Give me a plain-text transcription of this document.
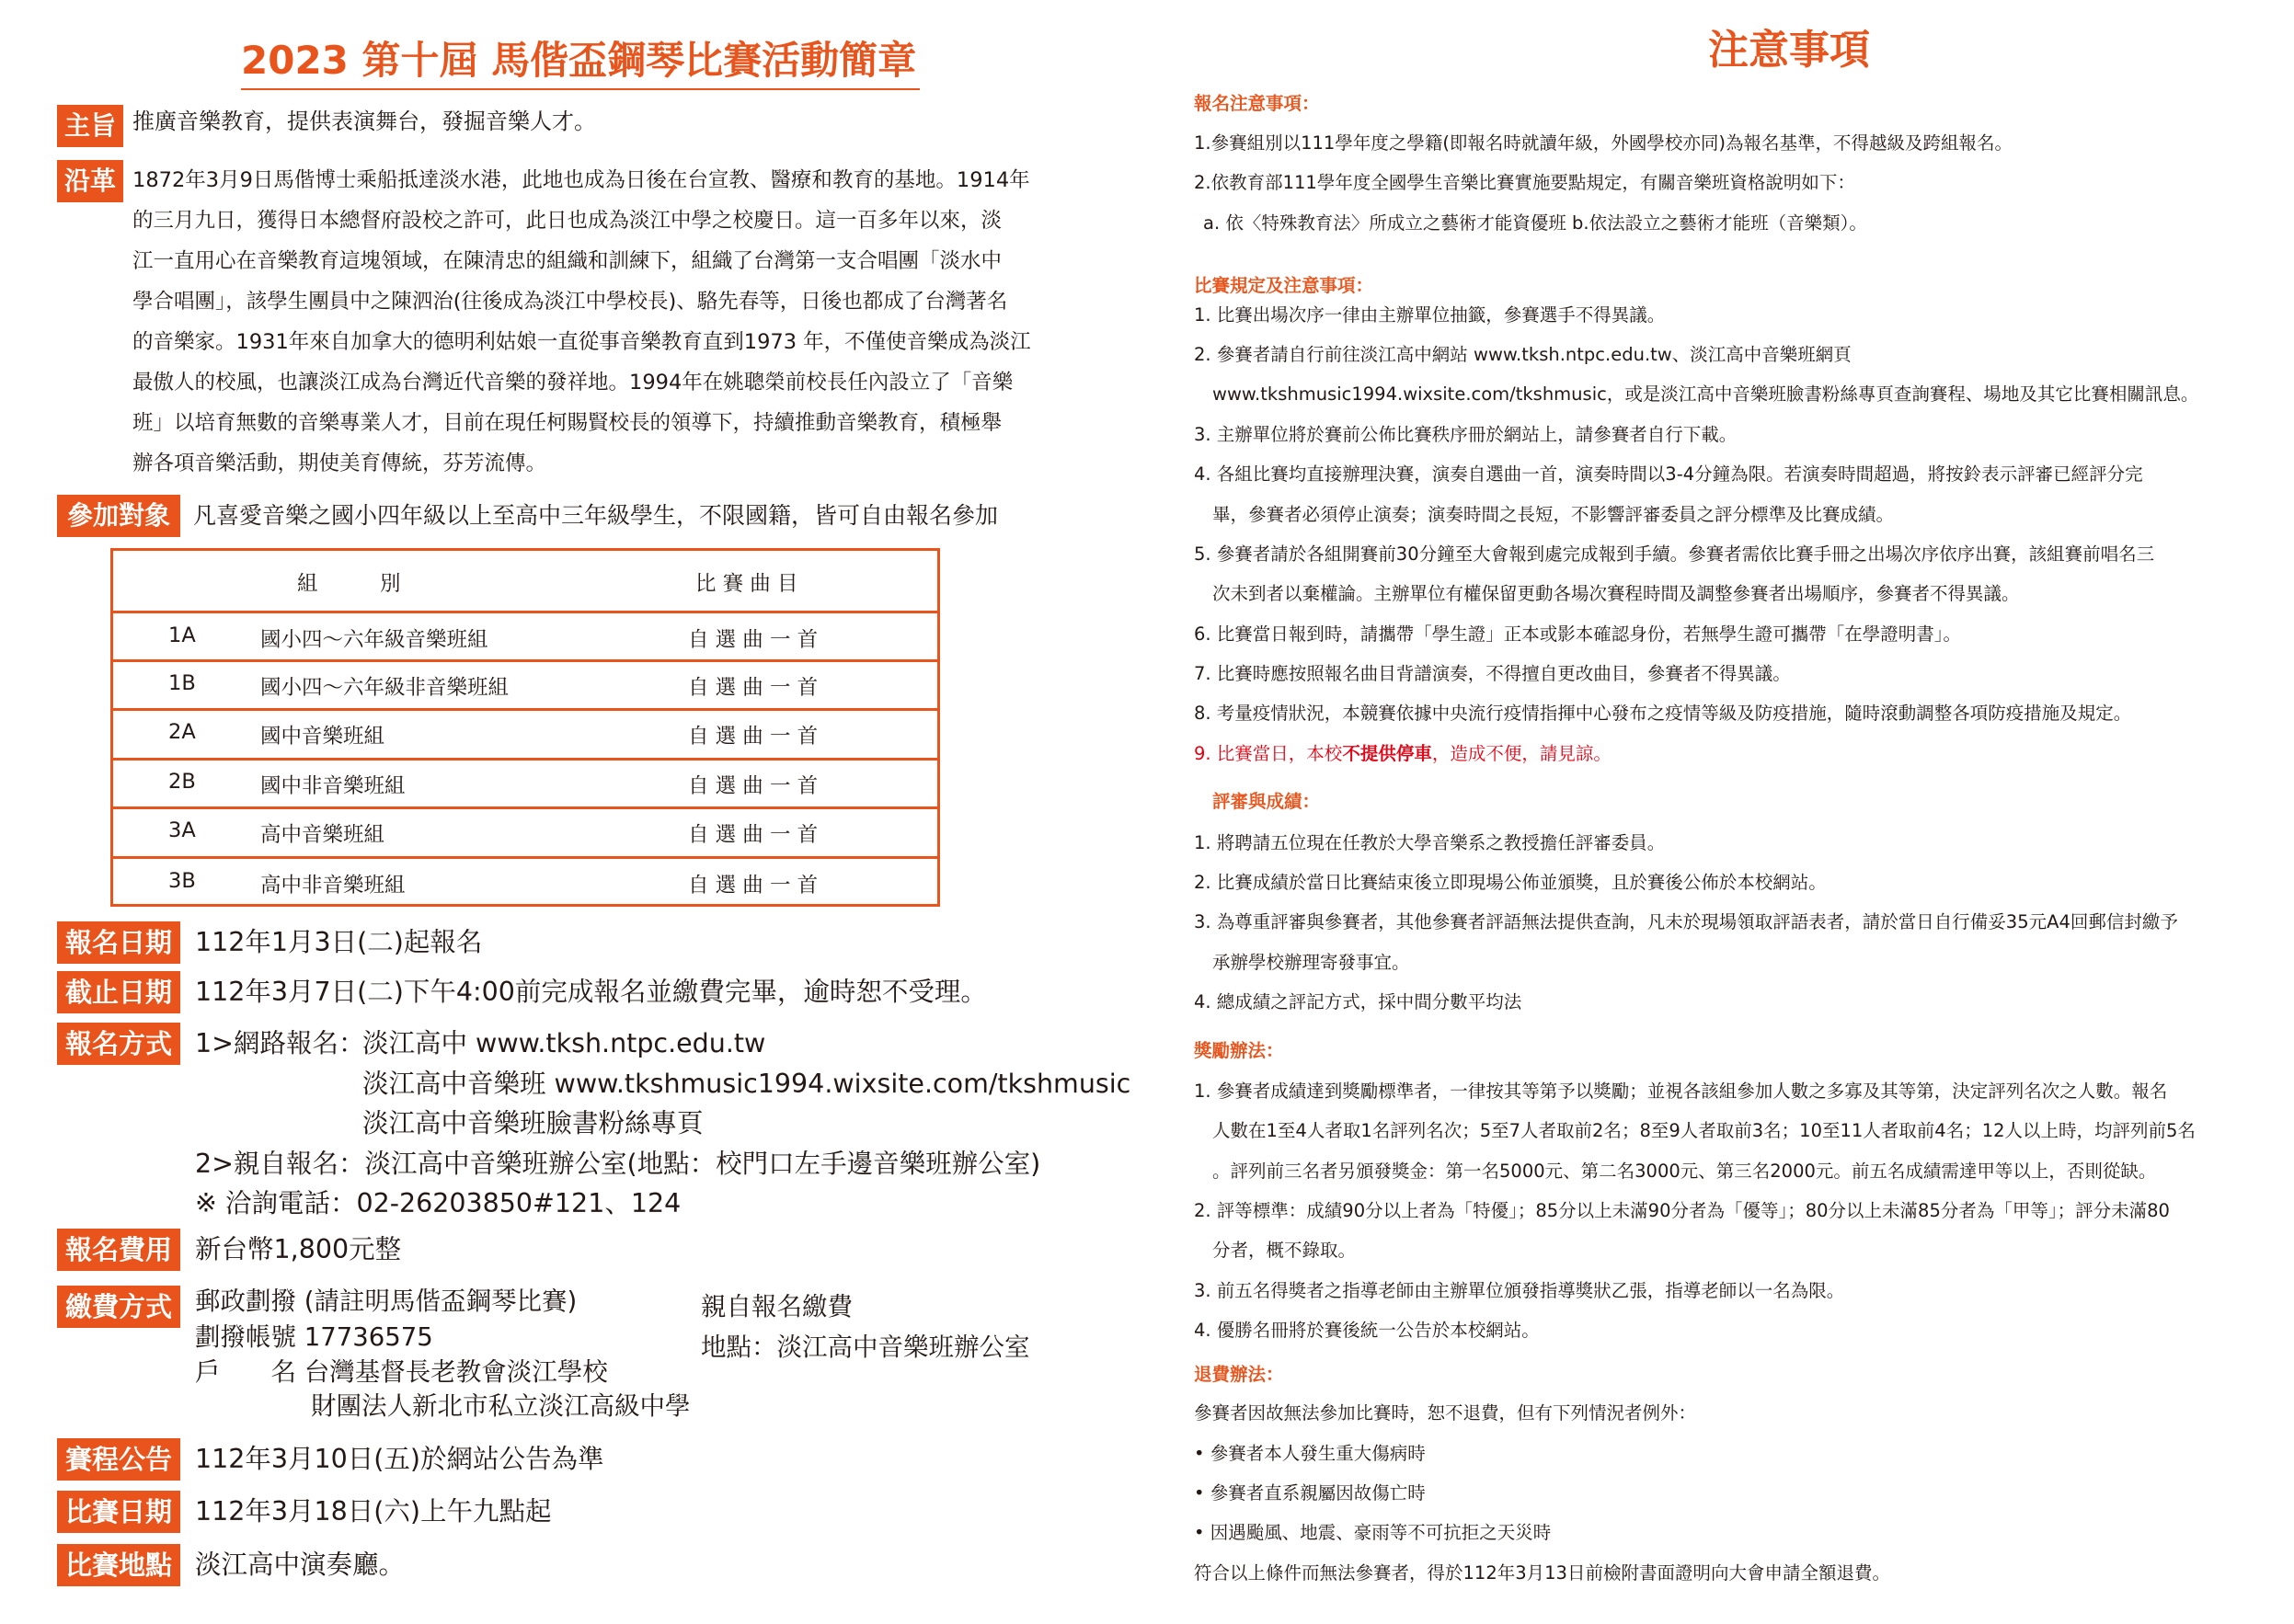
2023 第十屆 馬偕盃鋼琴比賽活動簡章
主旨 推廣音樂教育，提供表演舞台，發掘音樂人才。
沿革 1872年3月9日馬偕博士乘船抵達淡水港，此地也成為日後在台宣教、醫療和教育的基地。1914年
的三月九日，獲得日本總督府設校之許可，此日也成為淡江中學之校慶日。這一百多年以來，淡
江一直用心在音樂教育這塊領域，在陳清忠的組織和訓練下，組織了台灣第一支合唱團「淡水中
學合唱團」，該學生團員中之陳泗治(往後成為淡江中學校長)、駱先春等，日後也都成了台灣著名
的音樂家。1931年來自加拿大的德明利姑娘一直從事音樂教育直到1973 年，不僅使音樂成為淡江
最傲人的校風，也讓淡江成為台灣近代音樂的發祥地。1994年在姚聰榮前校長任內設立了「音樂
班」以培育無數的音樂專業人才，目前在現任柯賜賢校長的領導下，持續推動音樂教育，積極舉
辦各項音樂活動，期使美育傳統，芬芳流傳。
參加對象	凡喜愛音樂之國小四年級以上至高中三年級學生，不限國籍，皆可自由報名參加
組　　　別	比 賽 曲 目
1A	國小四～六年級音樂班組	自 選 曲 一 首
1B	國小四～六年級非音樂班組	自 選 曲 一 首
2A	國中音樂班組	自 選 曲 一 首
2B	國中非音樂班組	自 選 曲 一 首
3A	高中音樂班組	自 選 曲 一 首
3B	高中非音樂班組	自 選 曲 一 首
報名日期 112年1月3日(二)起報名
截止日期 112年3月7日(二)下午4:00前完成報名並繳費完畢，逾時恕不受理。
報名方式 1>網路報名：
淡江高中 www.tksh.ntpc.edu.tw
淡江高中音樂班 www.tkshmusic1994.wixsite.com/tkshmusic
淡江高中音樂班臉書粉絲專頁
2>親自報名：淡江高中音樂班辦公室(地點：校門口左手邊音樂班辦公室)
※ 洽詢電話：02-26203850#121、124
報名費用 新台幣1,800元整
繳費方式 郵政劃撥 (請註明馬偕盃鋼琴比賽)
劃撥帳號 17736575
戶　　名 台灣基督長老教會淡江學校
財團法人新北市私立淡江高級中學
親自報名繳費
地點：淡江高中音樂班辦公室
賽程公告 112年3月10日(五)於網站公告為準
比賽日期 112年3月18日(六)上午九點起
比賽地點 淡江高中演奏廳。
注意事項
報名注意事項：
1.參賽組別以111學年度之學籍(即報名時就讀年級，外國學校亦同)為報名基準，不得越級及跨組報名。
2.依教育部111學年度全國學生音樂比賽實施要點規定，有關音樂班資格說明如下：
a. 依〈特殊教育法〉所成立之藝術才能資優班 b.依法設立之藝術才能班（音樂類）。
比賽規定及注意事項：
1. 比賽出場次序一律由主辦單位抽籤，參賽選手不得異議。
2. 參賽者請自行前往淡江高中網站 www.tksh.ntpc.edu.tw、淡江高中音樂班網頁
www.tkshmusic1994.wixsite.com/tkshmusic，或是淡江高中音樂班臉書粉絲專頁查詢賽程、場地及其它比賽相關訊息。
3. 主辦單位將於賽前公佈比賽秩序冊於網站上，請參賽者自行下載。
4. 各組比賽均直接辦理決賽，演奏自選曲一首，演奏時間以3-4分鐘為限。若演奏時間超過，將按鈴表示評審已經評分完
畢，參賽者必須停止演奏；演奏時間之長短，不影響評審委員之評分標準及比賽成績。
5. 參賽者請於各組開賽前30分鐘至大會報到處完成報到手續。參賽者需依比賽手冊之出場次序依序出賽，該組賽前唱名三
次未到者以棄權論。主辦單位有權保留更動各場次賽程時間及調整參賽者出場順序，參賽者不得異議。
6. 比賽當日報到時，請攜帶「學生證」正本或影本確認身份，若無學生證可攜帶「在學證明書」。
7. 比賽時應按照報名曲目背譜演奏，不得擅自更改曲目，參賽者不得異議。
8. 考量疫情狀況，本競賽依據中央流行疫情指揮中心發布之疫情等級及防疫措施，隨時滾動調整各項防疫措施及規定。
9. 比賽當日，本校不提供停車，造成不便，請見諒。
評審與成績：
1. 將聘請五位現在任教於大學音樂系之教授擔任評審委員。
2. 比賽成績於當日比賽結束後立即現場公佈並頒獎，且於賽後公佈於本校網站。
3. 為尊重評審與參賽者，其他參賽者評語無法提供查詢，凡未於現場領取評語表者，請於當日自行備妥35元A4回郵信封繳予
承辦學校辦理寄發事宜。
4. 總成績之評記方式，採中間分數平均法
獎勵辦法：
1. 參賽者成績達到獎勵標準者，一律按其等第予以獎勵；並視各該組參加人數之多寡及其等第，決定評列名次之人數。報名
人數在1至4人者取1名評列名次；5至7人者取前2名；8至9人者取前3名；10至11人者取前4名；12人以上時，均評列前5名
。評列前三名者另頒發獎金：第一名5000元、第二名3000元、第三名2000元。前五名成績需達甲等以上，否則從缺。
2. 評等標準：成績90分以上者為「特優」；85分以上未滿90分者為「優等」；80分以上未滿85分者為「甲等」；評分未滿80
分者，概不錄取。
3. 前五名得獎者之指導老師由主辦單位頒發指導獎狀乙張，指導老師以一名為限。
4. 優勝名冊將於賽後統一公告於本校網站。
退費辦法：
參賽者因故無法參加比賽時，恕不退費，但有下列情況者例外：
• 參賽者本人發生重大傷病時
• 參賽者直系親屬因故傷亡時
• 因遇颱風、地震、豪雨等不可抗拒之天災時
符合以上條件而無法參賽者，得於112年3月13日前檢附書面證明向大會申請全額退費。
